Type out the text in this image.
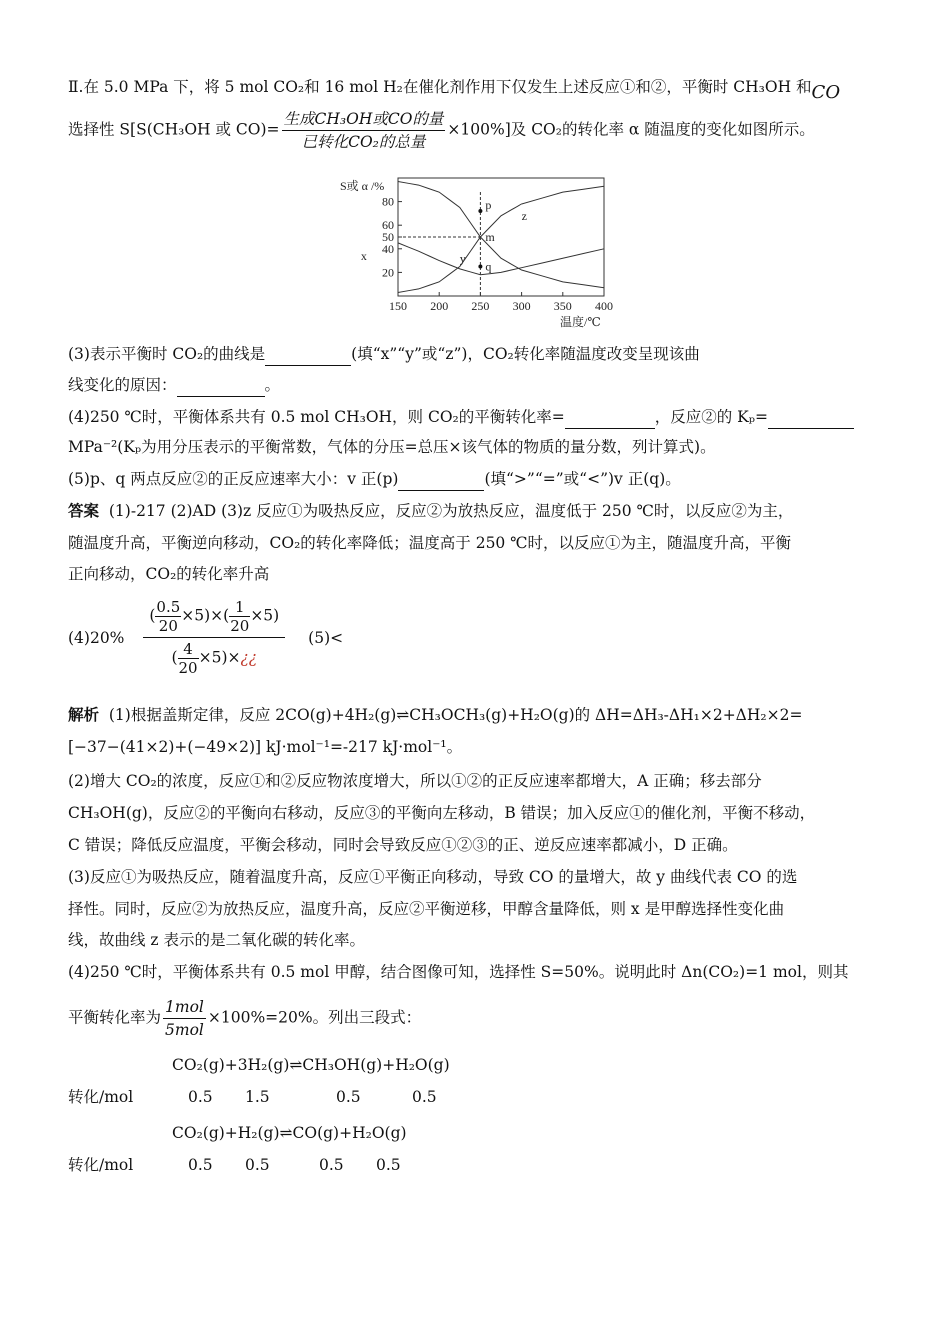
Ⅱ.在 5.0 MPa 下，将 5 mol CO₂和 16 mol H₂在催化剂作用下仅发生上述反应①和②，平衡时 CH₃OH 和CO
选择性 S[S(CH₃OH 或 $CO)= \frac{\text{生成CH₃OH或CO的量}}{\text{已转化CO₂的总量}} \times 100\%$]及 CO₂的转化率 α 随温度的变化如图所示。
S或 α /%
150 200 250 300 350 400
20
40
50
60
80
x	y
z
p
m
q
温度/℃
(3)表示平衡时 CO₂的曲线是	(填“x”“y”或“z”)，CO₂转化率随温度改变呈现该曲
线变化的原因：	。
(4)250 ℃时，平衡体系共有 0.5 mol CH₃OH，则 CO₂的平衡转化率=	，反应②的 Kₚ=
MPa⁻²(Kₚ为用分压表示的平衡常数，气体的分压=总压×该气体的物质的量分数，列计算式)。
(5)p、q 两点反应②的正反应速率大小：v 正(p)	(填“>”“=”或“<”)v 正(q)。
答案 (1)-217 (2)AD (3)z 反应①为吸热反应，反应②为放热反应，温度低于 250 ℃时，以反应②为主，
随温度升高，平衡逆向移动，CO₂的转化率降低；温度高于 250 ℃时，以反应①为主，随温度升高，平衡
正向移动，CO₂的转化率升高
$(4)20\% \frac{( \frac{0.5}{20} \times 5)\times( \frac{1}{20} \times 5)}{( \frac{4}{20} \times 5)\times¿¿} (5)<$
解析 (1)根据盖斯定律，反应 2CO(g)+4H₂(g)⇌CH₃OCH₃(g)+H₂O(g)的 ΔH=ΔH₃-ΔH₁×2+ΔH₂×2=
[−37−(41×2)+(−49×2)] kJ·mol⁻¹=-217 kJ·mol⁻¹。
(2)增大 CO₂的浓度，反应①和②反应物浓度增大，所以①②的正反应速率都增大，A 正确；移去部分
CH₃OH(g)，反应②的平衡向右移动，反应③的平衡向左移动，B 错误；加入反应①的催化剂，平衡不移动，
C 错误；降低反应温度，平衡会移动，同时会导致反应①②③的正、逆反应速率都减小，D 正确。
(3)反应①为吸热反应，随着温度升高，反应①平衡正向移动，导致 CO 的量增大，故 y 曲线代表 CO 的选
择性。同时，反应②为放热反应，温度升高，反应②平衡逆移，甲醇含量降低，则 x 是甲醇选择性变化曲
线，故曲线 z 表示的是二氧化碳的转化率。
(4)250 ℃时，平衡体系共有 0.5 mol 甲醇，结合图像可知，选择性 S=50%。说明此时 Δn(CO₂)=1 mol，则其
平衡转化率为 $\frac{\text{1mol}}{\text{5mol}} \times 100\%=20\%$。列出三段式：
CO₂(g)+3H₂(g)⇌CH₃OH(g)+H₂O(g)
转化/mol	0.5 1.5	0.5	0.5
CO₂(g)+H₂(g)⇌CO(g)+H₂O(g)
转化/mol	0.5 0.5	0.5 0.5
